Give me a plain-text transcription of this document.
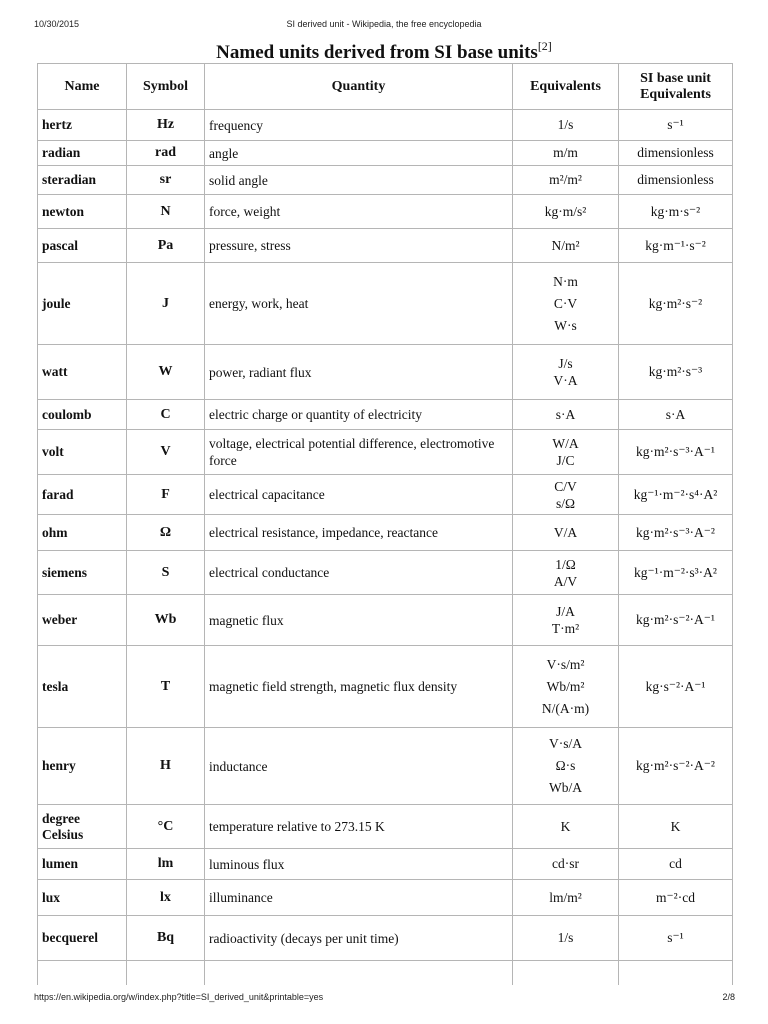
10/30/2015	SI derived unit - Wikipedia, the free encyclopedia
Named units derived from SI base units[2]
Name	Symbol	Quantity	Equivalents	SI base unit Equivalents

hertz	Hz	frequency	1/s	s⁻¹

radian	rad	angle	m/m	dimensionless

steradian	sr	solid angle	m²/m²	dimensionless

newton	N	force, weight	kg·m/s²	kg·m·s⁻²

pascal	Pa	pressure, stress	N/m²	kg·m⁻¹·s⁻²

joule	J	energy, work, heat	N·m
C·V
W·s	kg·m²·s⁻²

watt	W	power, radiant flux	J/s
V·A	kg·m²·s⁻³

coulomb	C	electric charge or quantity of electricity	s·A	s·A

volt	V	voltage, electrical potential difference, electromotive force	W/A
J/C	kg·m²·s⁻³·A⁻¹

farad	F	electrical capacitance	C/V
s/Ω	kg⁻¹·m⁻²·s⁴·A²

ohm	Ω	electrical resistance, impedance, reactance	V/A	kg·m²·s⁻³·A⁻²

siemens	S	electrical conductance	1/Ω
A/V	kg⁻¹·m⁻²·s³·A²

weber	Wb	magnetic flux	J/A
T·m²	kg·m²·s⁻²·A⁻¹

tesla	T	magnetic field strength, magnetic flux density	V·s/m²
Wb/m²
N/(A·m)	kg·s⁻²·A⁻¹

henry	H	inductance	V·s/A
Ω·s
Wb/A	kg·m²·s⁻²·A⁻²

degree
Celsius	°C	temperature relative to 273.15 K	K	K

lumen	lm	luminous flux	cd·sr	cd

lux	lx	illuminance	lm/m²	m⁻²·cd

becquerel	Bq	radioactivity (decays per unit time)	1/s	s⁻¹

https://en.wikipedia.org/w/index.php?title=SI_derived_unit&printable=yes	2/8
